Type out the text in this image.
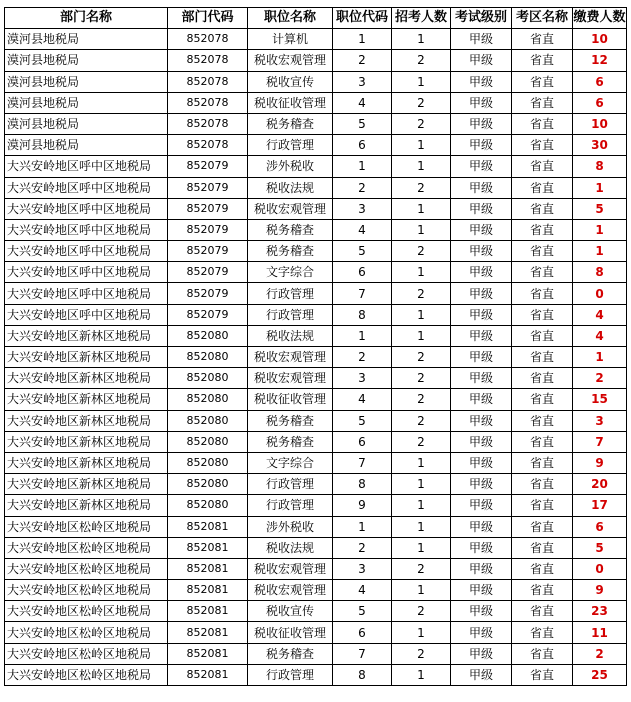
部门名称	部门代码	职位名称	职位代码	招考人数	考试级别	考区名称	缴费人数
漠河县地税局	852078	计算机	1	1	甲级	省直	10
漠河县地税局	852078	税收宏观管理	2	2	甲级	省直	12
漠河县地税局	852078	税收宣传	3	1	甲级	省直	6
漠河县地税局	852078	税收征收管理	4	2	甲级	省直	6
漠河县地税局	852078	税务稽查	5	2	甲级	省直	10
漠河县地税局	852078	行政管理	6	1	甲级	省直	30
大兴安岭地区呼中区地税局	852079	涉外税收	1	1	甲级	省直	8
大兴安岭地区呼中区地税局	852079	税收法规	2	2	甲级	省直	1
大兴安岭地区呼中区地税局	852079	税收宏观管理	3	1	甲级	省直	5
大兴安岭地区呼中区地税局	852079	税务稽查	4	1	甲级	省直	1
大兴安岭地区呼中区地税局	852079	税务稽查	5	2	甲级	省直	1
大兴安岭地区呼中区地税局	852079	文字综合	6	1	甲级	省直	8
大兴安岭地区呼中区地税局	852079	行政管理	7	2	甲级	省直	0
大兴安岭地区呼中区地税局	852079	行政管理	8	1	甲级	省直	4
大兴安岭地区新林区地税局	852080	税收法规	1	1	甲级	省直	4
大兴安岭地区新林区地税局	852080	税收宏观管理	2	2	甲级	省直	1
大兴安岭地区新林区地税局	852080	税收宏观管理	3	2	甲级	省直	2
大兴安岭地区新林区地税局	852080	税收征收管理	4	2	甲级	省直	15
大兴安岭地区新林区地税局	852080	税务稽查	5	2	甲级	省直	3
大兴安岭地区新林区地税局	852080	税务稽查	6	2	甲级	省直	7
大兴安岭地区新林区地税局	852080	文字综合	7	1	甲级	省直	9
大兴安岭地区新林区地税局	852080	行政管理	8	1	甲级	省直	20
大兴安岭地区新林区地税局	852080	行政管理	9	1	甲级	省直	17
大兴安岭地区松岭区地税局	852081	涉外税收	1	1	甲级	省直	6
大兴安岭地区松岭区地税局	852081	税收法规	2	1	甲级	省直	5
大兴安岭地区松岭区地税局	852081	税收宏观管理	3	2	甲级	省直	0
大兴安岭地区松岭区地税局	852081	税收宏观管理	4	1	甲级	省直	9
大兴安岭地区松岭区地税局	852081	税收宣传	5	2	甲级	省直	23
大兴安岭地区松岭区地税局	852081	税收征收管理	6	1	甲级	省直	11
大兴安岭地区松岭区地税局	852081	税务稽查	7	2	甲级	省直	2
大兴安岭地区松岭区地税局	852081	行政管理	8	1	甲级	省直	25
